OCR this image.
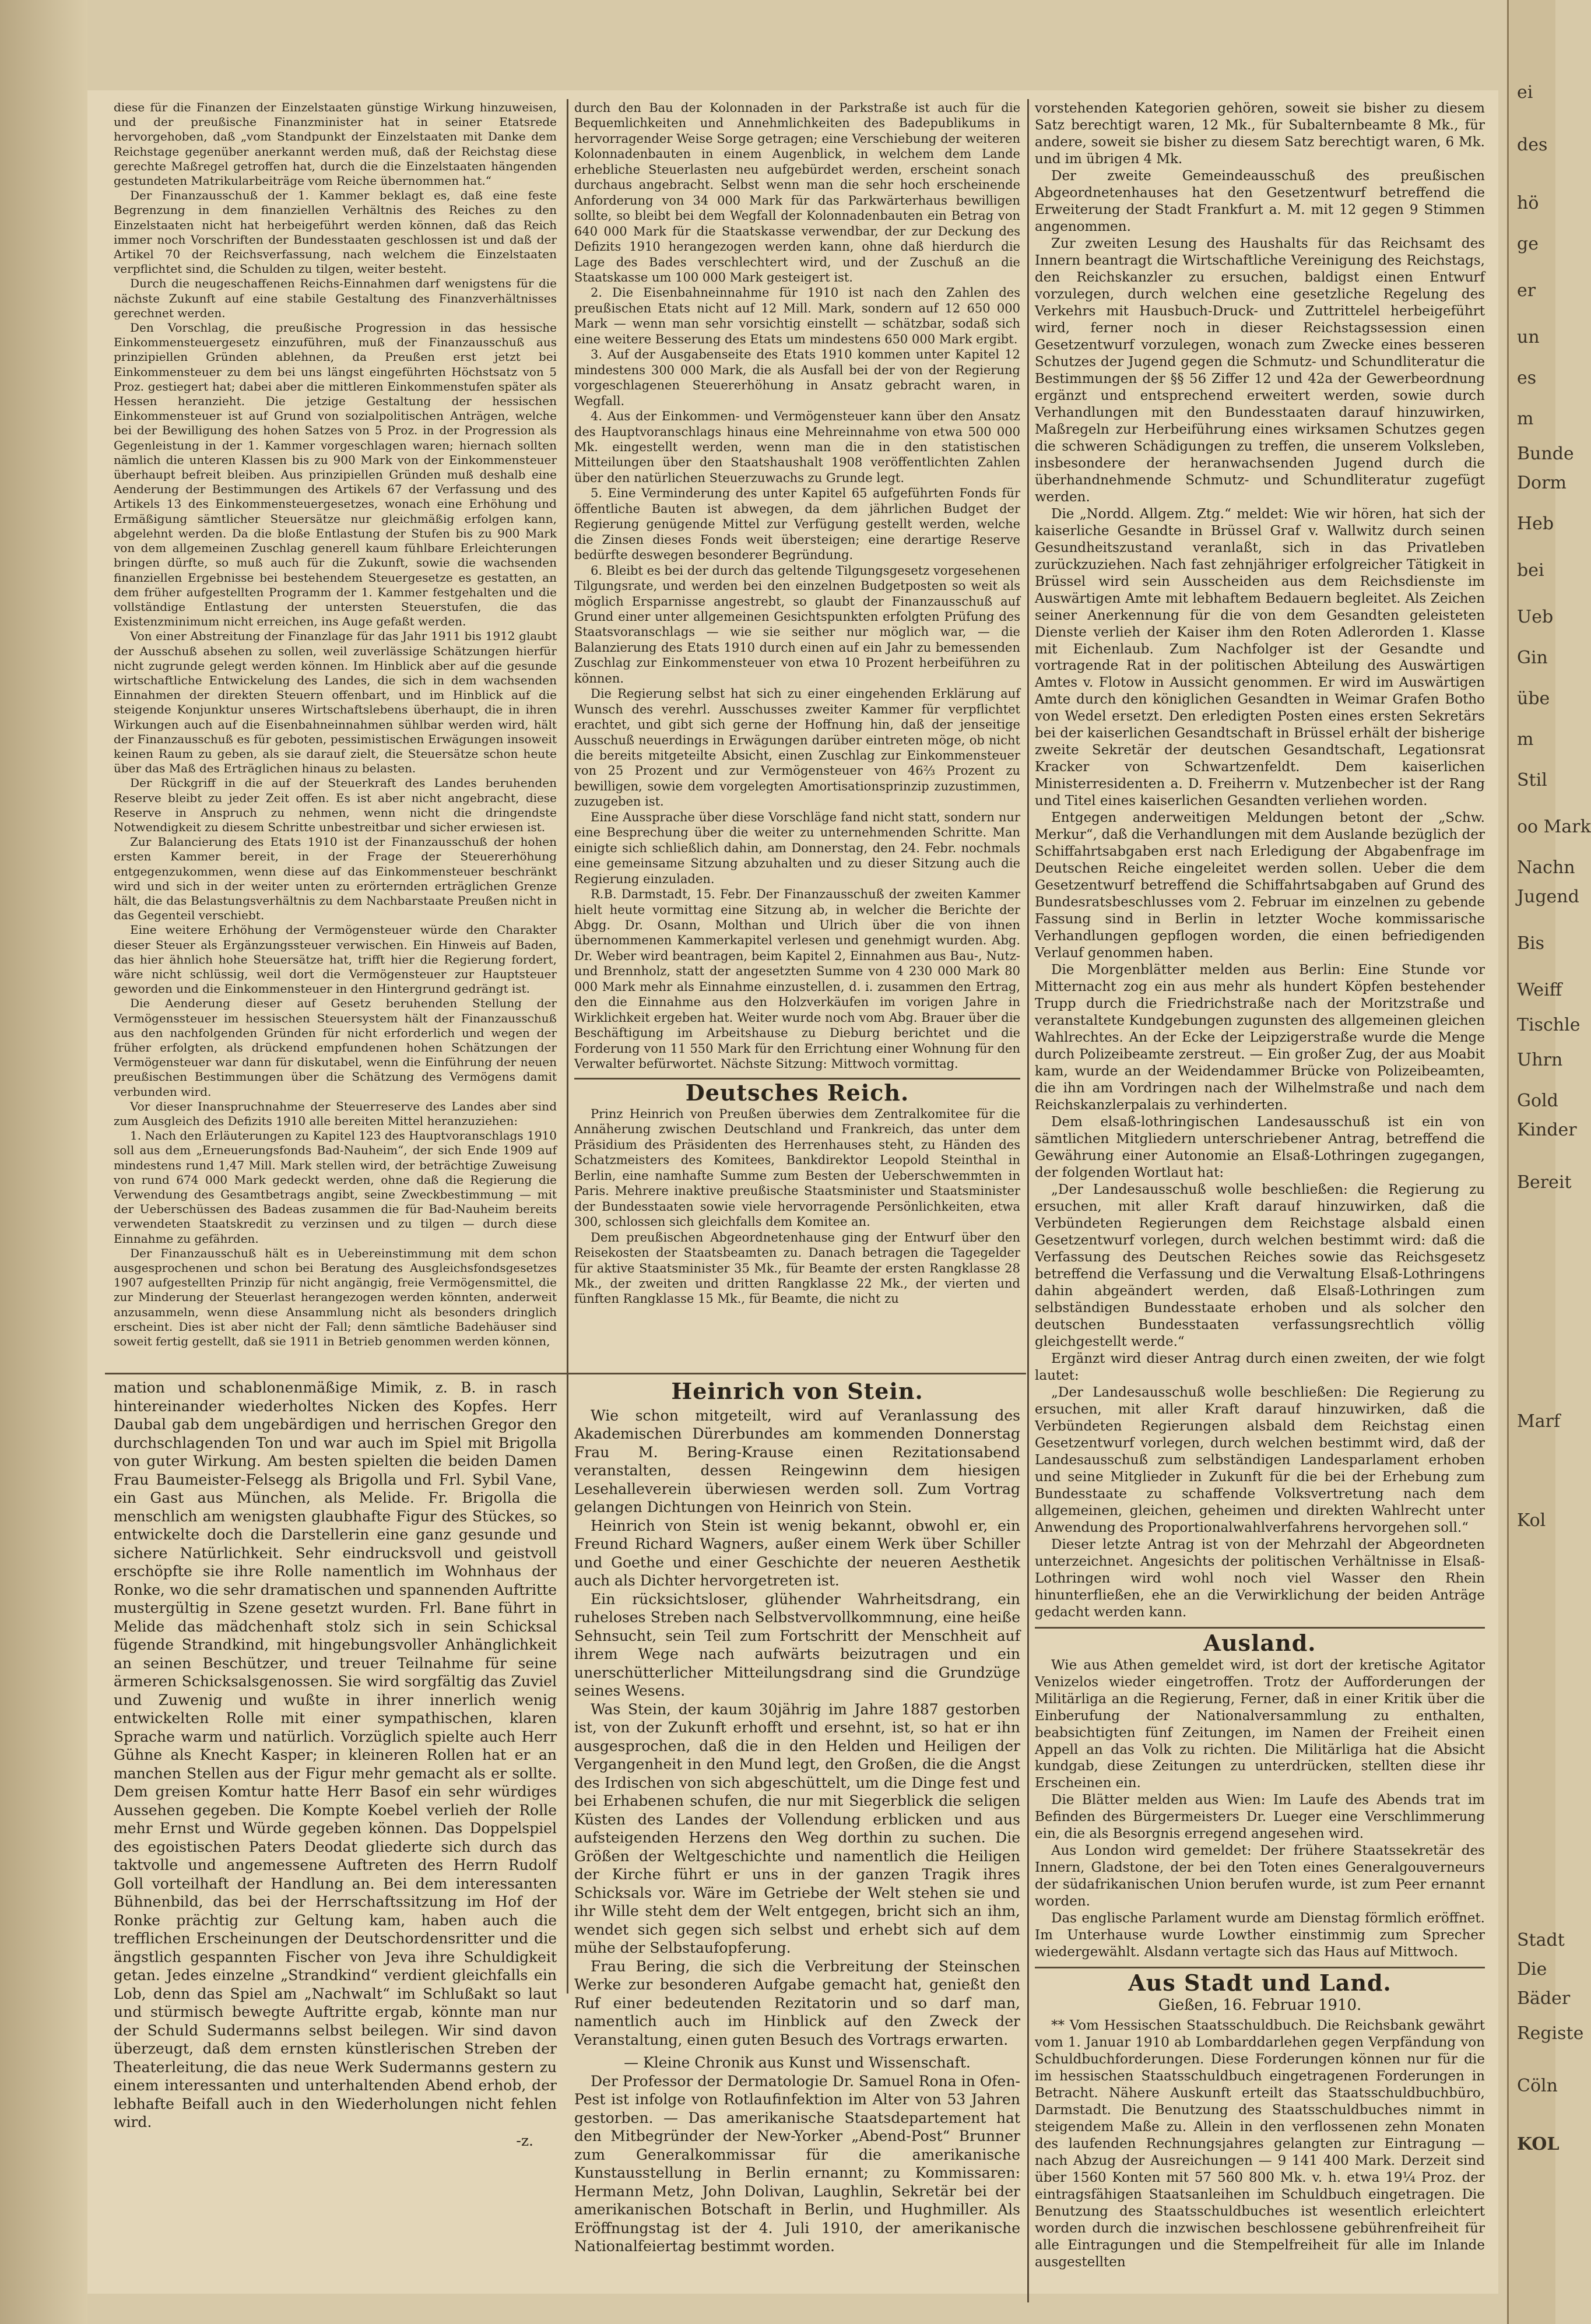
diese für die Finanzen der Einzelstaaten günstige Wirkung hinzuweisen, und der preußische Finanzminister hat in seiner Etatsrede hervorgehoben, daß „vom Standpunkt der Einzelstaaten mit Danke dem Reichstage gegenüber anerkannt werden muß, daß der Reichstag diese gerechte Maßregel getroffen hat, durch die die Einzelstaaten hängenden gestundeten Matrikularbeiträge vom Reiche übernommen hat.“

Der Finanzausschuß der 1. Kammer beklagt es, daß eine feste Begrenzung in dem finanziellen Verhältnis des Reiches zu den Einzelstaaten nicht hat herbeigeführt werden können, daß das Reich immer noch Vorschriften der Bundesstaaten geschlossen ist und daß der Artikel 70 der Reichsverfassung, nach welchem die Einzelstaaten verpflichtet sind, die Schulden zu tilgen, weiter besteht.

Durch die neugeschaffenen Reichs-Einnahmen darf wenigstens für die nächste Zukunft auf eine stabile Gestaltung des Finanzverhältnisses gerechnet werden.

Den Vorschlag, die preußische Progression in das hessische Einkommensteuergesetz einzuführen, muß der Finanzausschuß aus prinzipiellen Gründen ablehnen, da Preußen erst jetzt bei Einkommensteuer zu dem bei uns längst eingeführten Höchstsatz von 5 Proz. gestiegert hat; dabei aber die mittleren Einkommenstufen später als Hessen heranzieht. Die jetzige Gestaltung der hessischen Einkommensteuer ist auf Grund von sozialpolitischen Anträgen, welche bei der Bewilligung des hohen Satzes von 5 Proz. in der Progression als Gegenleistung in der 1. Kammer vorgeschlagen waren; hiernach sollten nämlich die unteren Klassen bis zu 900 Mark von der Einkommensteuer überhaupt befreit bleiben. Aus prinzipiellen Gründen muß deshalb eine Aenderung der Bestimmungen des Artikels 67 der Verfassung und des Artikels 13 des Einkommensteuergesetzes, wonach eine Erhöhung und Ermäßigung sämtlicher Steuersätze nur gleichmäßig erfolgen kann, abgelehnt werden. Da die bloße Entlastung der Stufen bis zu 900 Mark von dem allgemeinen Zuschlag generell kaum fühlbare Erleichterungen bringen dürfte, so muß auch für die Zukunft, sowie die wachsenden finanziellen Ergebnisse bei bestehendem Steuergesetze es gestatten, an dem früher aufgestellten Programm der 1. Kammer festgehalten und die vollständige Entlastung der untersten Steuerstufen, die das Existenzminimum nicht erreichen, ins Auge gefaßt werden.

Von einer Abstreitung der Finanzlage für das Jahr 1911 bis 1912 glaubt der Ausschuß absehen zu sollen, weil zuverlässige Schätzungen hierfür nicht zugrunde gelegt werden können. Im Hinblick aber auf die gesunde wirtschaftliche Entwickelung des Landes, die sich in dem wachsenden Einnahmen der direkten Steuern offenbart, und im Hinblick auf die steigende Konjunktur unseres Wirtschaftslebens überhaupt, die in ihren Wirkungen auch auf die Eisenbahneinnahmen sühlbar werden wird, hält der Finanzausschuß es für geboten, pessimistischen Erwägungen insoweit keinen Raum zu geben, als sie darauf zielt, die Steuersätze schon heute über das Maß des Erträglichen hinaus zu belasten.

Der Rückgriff in die auf der Steuerkraft des Landes beruhenden Reserve bleibt zu jeder Zeit offen. Es ist aber nicht angebracht, diese Reserve in Anspruch zu nehmen, wenn nicht die dringendste Notwendigkeit zu diesem Schritte unbestreitbar und sicher erwiesen ist.

Zur Balancierung des Etats 1910 ist der Finanzausschuß der hohen ersten Kammer bereit, in der Frage der Steuererhöhung entgegenzukommen, wenn diese auf das Einkommensteuer beschränkt wird und sich in der weiter unten zu erörternden erträglichen Grenze hält, die das Belastungsverhältnis zu dem Nachbarstaate Preußen nicht in das Gegenteil verschiebt.

Eine weitere Erhöhung der Vermögensteuer würde den Charakter dieser Steuer als Ergänzungssteuer verwischen. Ein Hinweis auf Baden, das hier ähnlich hohe Steuersätze hat, trifft hier die Regierung fordert, wäre nicht schlüssig, weil dort die Vermögensteuer zur Hauptsteuer geworden und die Einkommensteuer in den Hintergrund gedrängt ist.

Die Aenderung dieser auf Gesetz beruhenden Stellung der Vermögenssteuer im hessischen Steuersystem hält der Finanzausschuß aus den nachfolgenden Gründen für nicht erforderlich und wegen der früher erfolgten, als drückend empfundenen hohen Schätzungen der Vermögensteuer war dann für diskutabel, wenn die Einführung der neuen preußischen Bestimmungen über die Schätzung des Vermögens damit verbunden wird.

Vor dieser Inanspruchnahme der Steuerreserve des Landes aber sind zum Ausgleich des Defizits 1910 alle bereiten Mittel heranzuziehen:

1. Nach den Erläuterungen zu Kapitel 123 des Hauptvoranschlags 1910 soll aus dem „Erneuerungsfonds Bad-Nauheim“, der sich Ende 1909 auf mindestens rund 1,47 Mill. Mark stellen wird, der beträchtige Zuweisung von rund 674 000 Mark gedeckt werden, ohne daß die Regierung die Verwendung des Gesamtbetrags angibt, seine Zweckbestimmung — mit der Ueberschüssen des Badeas zusammen die für Bad-Nauheim bereits verwendeten Staatskredit zu verzinsen und zu tilgen — durch diese Einnahme zu gefährden.

Der Finanzausschuß hält es in Uebereinstimmung mit dem schon ausgesprochenen und schon bei Beratung des Ausgleichsfondsgesetzes 1907 aufgestellten Prinzip für nicht angängig, freie Vermögensmittel, die zur Minderung der Steuerlast herangezogen werden könnten, anderweit anzusammeln, wenn diese Ansammlung nicht als besonders dringlich erscheint. Dies ist aber nicht der Fall; denn sämtliche Badehäuser sind soweit fertig gestellt, daß sie 1911 in Betrieb genommen werden können,

durch den Bau der Kolonnaden in der Parkstraße ist auch für die Bequemlichkeiten und Annehmlichkeiten des Badepublikums in hervorragender Weise Sorge getragen; eine Verschiebung der weiteren Kolonnadenbauten in einem Augenblick, in welchem dem Lande erhebliche Steuerlasten neu aufgebürdet werden, erscheint sonach durchaus angebracht. Selbst wenn man die sehr hoch erscheinende Anforderung von 34 000 Mark für das Parkwärterhaus bewilligen sollte, so bleibt bei dem Wegfall der Kolonnadenbauten ein Betrag von 640 000 Mark für die Staatskasse verwendbar, der zur Deckung des Defizits 1910 herangezogen werden kann, ohne daß hierdurch die Lage des Bades verschlechtert wird, und der Zuschuß an die Staatskasse um 100 000 Mark gesteigert ist.

2. Die Eisenbahneinnahme für 1910 ist nach den Zahlen des preußischen Etats nicht auf 12 Mill. Mark, sondern auf 12 650 000 Mark — wenn man sehr vorsichtig einstellt — schätzbar, sodaß sich eine weitere Besserung des Etats um mindestens 650 000 Mark ergibt.

3. Auf der Ausgabenseite des Etats 1910 kommen unter Kapitel 12 mindestens 300 000 Mark, die als Ausfall bei der von der Regierung vorgeschlagenen Steuererhöhung in Ansatz gebracht waren, in Wegfall.

4. Aus der Einkommen- und Vermögensteuer kann über den Ansatz des Hauptvoranschlags hinaus eine Mehreinnahme von etwa 500 000 Mk. eingestellt werden, wenn man die in den statistischen Mitteilungen über den Staatshaushalt 1908 veröffentlichten Zahlen über den natürlichen Steuerzuwachs zu Grunde legt.

5. Eine Verminderung des unter Kapitel 65 aufgeführten Fonds für öffentliche Bauten ist abwegen, da dem jährlichen Budget der Regierung genügende Mittel zur Verfügung gestellt werden, welche die Zinsen dieses Fonds weit übersteigen; eine derartige Reserve bedürfte deswegen besonderer Begründung.

6. Bleibt es bei der durch das geltende Tilgungsgesetz vorgesehenen Tilgungsrate, und werden bei den einzelnen Budgetposten so weit als möglich Ersparnisse angestrebt, so glaubt der Finanzausschuß auf Grund einer unter allgemeinen Gesichtspunkten erfolgten Prüfung des Staatsvoranschlags — wie sie seither nur möglich war, — die Balanzierung des Etats 1910 durch einen auf ein Jahr zu bemessenden Zuschlag zur Einkommensteuer von etwa 10 Prozent herbeiführen zu können.

Die Regierung selbst hat sich zu einer eingehenden Erklärung auf Wunsch des verehrl. Ausschusses zweiter Kammer für verpflichtet erachtet, und gibt sich gerne der Hoffnung hin, daß der jenseitige Ausschuß neuerdings in Erwägungen darüber eintreten möge, ob nicht die bereits mitgeteilte Absicht, einen Zuschlag zur Einkommensteuer von 25 Prozent und zur Vermögensteuer von 46⅔ Prozent zu bewilligen, sowie dem vorgelegten Amortisationsprinzip zuzustimmen, zuzugeben ist.

Eine Aussprache über diese Vorschläge fand nicht statt, sondern nur eine Besprechung über die weiter zu unternehmenden Schritte. Man einigte sich schließlich dahin, am Donnerstag, den 24. Febr. nochmals eine gemeinsame Sitzung abzuhalten und zu dieser Sitzung auch die Regierung einzuladen.

R.B. Darmstadt, 15. Febr. Der Finanzausschuß der zweiten Kammer hielt heute vormittag eine Sitzung ab, in welcher die Berichte der Abgg. Dr. Osann, Molthan und Ulrich über die von ihnen übernommenen Kammerkapitel verlesen und genehmigt wurden. Abg. Dr. Weber wird beantragen, beim Kapitel 2, Einnahmen aus Bau-, Nutz- und Brennholz, statt der angesetzten Summe von 4 230 000 Mark 80 000 Mark mehr als Einnahme einzustellen, d. i. zusammen den Ertrag, den die Einnahme aus den Holzverkäufen im vorigen Jahre in Wirklichkeit ergeben hat. Weiter wurde noch vom Abg. Brauer über die Beschäftigung im Arbeitshause zu Dieburg berichtet und die Forderung von 11 550 Mark für den Errichtung einer Wohnung für den Verwalter befürwortet. Nächste Sitzung: Mittwoch vormittag.

Deutsches Reich.

Prinz Heinrich von Preußen überwies dem Zentralkomitee für die Annäherung zwischen Deutschland und Frankreich, das unter dem Präsidium des Präsidenten des Herrenhauses steht, zu Händen des Schatzmeisters des Komitees, Bankdirektor Leopold Steinthal in Berlin, eine namhafte Summe zum Besten der Ueberschwemmten in Paris. Mehrere inaktive preußische Staatsminister und Staatsminister der Bundesstaaten sowie viele hervorragende Persönlichkeiten, etwa 300, schlossen sich gleichfalls dem Komitee an.

Dem preußischen Abgeordnetenhause ging der Entwurf über den Reisekosten der Staatsbeamten zu. Danach betragen die Tagegelder für aktive Staatsminister 35 Mk., für Beamte der ersten Rangklasse 28 Mk., der zweiten und dritten Rangklasse 22 Mk., der vierten und fünften Rangklasse 15 Mk., für Beamte, die nicht zu

vorstehenden Kategorien gehören, soweit sie bisher zu diesem Satz berechtigt waren, 12 Mk., für Subalternbeamte 8 Mk., für andere, soweit sie bisher zu diesem Satz berechtigt waren, 6 Mk. und im übrigen 4 Mk.

Der zweite Gemeindeausschuß des preußischen Abgeordnetenhauses hat den Gesetzentwurf betreffend die Erweiterung der Stadt Frankfurt a. M. mit 12 gegen 9 Stimmen angenommen.

Zur zweiten Lesung des Haushalts für das Reichsamt des Innern beantragt die Wirtschaftliche Vereinigung des Reichstags, den Reichskanzler zu ersuchen, baldigst einen Entwurf vorzulegen, durch welchen eine gesetzliche Regelung des Verkehrs mit Hausbuch-Druck- und Zuttrittelel herbeigeführt wird, ferner noch in dieser Reichstagssession einen Gesetzentwurf vorzulegen, wonach zum Zwecke eines besseren Schutzes der Jugend gegen die Schmutz- und Schundliteratur die Bestimmungen der §§ 56 Ziffer 12 und 42a der Gewerbeordnung ergänzt und entsprechend erweitert werden, sowie durch Verhandlungen mit den Bundesstaaten darauf hinzuwirken, Maßregeln zur Herbeiführung eines wirksamen Schutzes gegen die schweren Schädigungen zu treffen, die unserem Volksleben, insbesondere der heranwachsenden Jugend durch die überhandnehmende Schmutz- und Schundliteratur zugefügt werden.

Die „Nordd. Allgem. Ztg.“ meldet: Wie wir hören, hat sich der kaiserliche Gesandte in Brüssel Graf v. Wallwitz durch seinen Gesundheitszustand veranlaßt, sich in das Privatleben zurückzuziehen. Nach fast zehnjähriger erfolgreicher Tätigkeit in Brüssel wird sein Ausscheiden aus dem Reichsdienste im Auswärtigen Amte mit lebhaftem Bedauern begleitet. Als Zeichen seiner Anerkennung für die von dem Gesandten geleisteten Dienste verlieh der Kaiser ihm den Roten Adlerorden 1. Klasse mit Eichenlaub. Zum Nachfolger ist der Gesandte und vortragende Rat in der politischen Abteilung des Auswärtigen Amtes v. Flotow in Aussicht genommen. Er wird im Auswärtigen Amte durch den königlichen Gesandten in Weimar Grafen Botho von Wedel ersetzt. Den erledigten Posten eines ersten Sekretärs bei der kaiserlichen Gesandtschaft in Brüssel erhält der bisherige zweite Sekretär der deutschen Gesandtschaft, Legationsrat Kracker von Schwartzenfeldt. Dem kaiserlichen Ministerresidenten a. D. Freiherrn v. Mutzenbecher ist der Rang und Titel eines kaiserlichen Gesandten verliehen worden.

Entgegen anderweitigen Meldungen betont der „Schw. Merkur“, daß die Verhandlungen mit dem Auslande bezüglich der Schiffahrtsabgaben erst nach Erledigung der Abgabenfrage im Deutschen Reiche eingeleitet werden sollen. Ueber die dem Gesetzentwurf betreffend die Schiffahrtsabgaben auf Grund des Bundesratsbeschlusses vom 2. Februar im einzelnen zu gebende Fassung sind in Berlin in letzter Woche kommissarische Verhandlungen gepflogen worden, die einen befriedigenden Verlauf genommen haben.

Die Morgenblätter melden aus Berlin: Eine Stunde vor Mitternacht zog ein aus mehr als hundert Köpfen bestehender Trupp durch die Friedrichstraße nach der Moritzstraße und veranstaltete Kundgebungen zugunsten des allgemeinen gleichen Wahlrechtes. An der Ecke der Leipzigerstraße wurde die Menge durch Polizeibeamte zerstreut. — Ein großer Zug, der aus Moabit kam, wurde an der Weidendammer Brücke von Polizeibeamten, die ihn am Vordringen nach der Wilhelmstraße und nach dem Reichskanzlerpalais zu verhinderten.

Dem elsaß-lothringischen Landesausschuß ist ein von sämtlichen Mitgliedern unterschriebener Antrag, betreffend die Gewährung einer Autonomie an Elsaß-Lothringen zugegangen, der folgenden Wortlaut hat:

„Der Landesausschuß wolle beschließen: die Regierung zu ersuchen, mit aller Kraft darauf hinzuwirken, daß die Verbündeten Regierungen dem Reichstage alsbald einen Gesetzentwurf vorlegen, durch welchen bestimmt wird: daß die Verfassung des Deutschen Reiches sowie das Reichsgesetz betreffend die Verfassung und die Verwaltung Elsaß-Lothringens dahin abgeändert werden, daß Elsaß-Lothringen zum selbständigen Bundesstaate erhoben und als solcher den deutschen Bundesstaaten verfassungsrechtlich völlig gleichgestellt werde.“

Ergänzt wird dieser Antrag durch einen zweiten, der wie folgt lautet:

„Der Landesausschuß wolle beschließen: Die Regierung zu ersuchen, mit aller Kraft darauf hinzuwirken, daß die Verbündeten Regierungen alsbald dem Reichstag einen Gesetzentwurf vorlegen, durch welchen bestimmt wird, daß der Landesausschuß zum selbständigen Landesparlament erhoben und seine Mitglieder in Zukunft für die bei der Erhebung zum Bundesstaate zu schaffende Volksvertretung nach dem allgemeinen, gleichen, geheimen und direkten Wahlrecht unter Anwendung des Proportionalwahlverfahrens hervorgehen soll.“

Dieser letzte Antrag ist von der Mehrzahl der Abgeordneten unterzeichnet. Angesichts der politischen Verhältnisse in Elsaß-Lothringen wird wohl noch viel Wasser den Rhein hinunterfließen, ehe an die Verwirklichung der beiden Anträge gedacht werden kann.

Ausland.

Wie aus Athen gemeldet wird, ist dort der kretische Agitator Venizelos wieder eingetroffen. Trotz der Aufforderungen der Militärliga an die Regierung, Ferner, daß in einer Kritik über die Einberufung der Nationalversammlung zu enthalten, beabsichtigten fünf Zeitungen, im Namen der Freiheit einen Appell an das Volk zu richten. Die Militärliga hat die Absicht kundgab, diese Zeitungen zu unterdrücken, stellten diese ihr Erscheinen ein.

Die Blätter melden aus Wien: Im Laufe des Abends trat im Befinden des Bürgermeisters Dr. Lueger eine Verschlimmerung ein, die als Besorgnis erregend angesehen wird.

Aus London wird gemeldet: Der frühere Staatssekretär des Innern, Gladstone, der bei den Toten eines Generalgouverneurs der südafrikanischen Union berufen wurde, ist zum Peer ernannt worden.

Das englische Parlament wurde am Dienstag förmlich eröffnet. Im Unterhause wurde Lowther einstimmig zum Sprecher wiedergewählt. Alsdann vertagte sich das Haus auf Mittwoch.

Aus Stadt und Land.
Gießen, 16. Februar 1910.

** Vom Hessischen Staatsschuldbuch. Die Reichsbank gewährt vom 1. Januar 1910 ab Lombarddarlehen gegen Verpfändung von Schuldbuchforderungen. Diese Forderungen können nur für die im hessischen Staatsschuldbuch eingetragenen Forderungen in Betracht. Nähere Auskunft erteilt das Staatsschuldbuchbüro, Darmstadt. Die Benutzung des Staatsschuldbuches nimmt in steigendem Maße zu. Allein in den verflossenen zehn Monaten des laufenden Rechnungsjahres gelangten zur Eintragung — nach Abzug der Ausreichungen — 9 141 400 Mark. Derzeit sind über 1560 Konten mit 57 560 800 Mk. v. h. etwa 19¼ Proz. der eintragsfähigen Staatsanleihen im Schuldbuch eingetragen. Die Benutzung des Staatsschuldbuches ist wesentlich erleichtert worden durch die inzwischen beschlossene gebührenfreiheit für alle Eintragungen und die Stempelfreiheit für alle im Inlande ausgestellten

mation und schablonenmäßige Mimik, z. B. in rasch hintereinander wiederholtes Nicken des Kopfes. Herr Daubal gab dem ungebärdigen und herrischen Gregor den durchschlagenden Ton und war auch im Spiel mit Brigolla von guter Wirkung. Am besten spielten die beiden Damen Frau Baumeister-Felsegg als Brigolla und Frl. Sybil Vane, ein Gast aus München, als Melide. Fr. Brigolla die menschlich am wenigsten glaubhafte Figur des Stückes, so entwickelte doch die Darstellerin eine ganz gesunde und sichere Natürlichkeit. Sehr eindrucksvoll und geistvoll erschöpfte sie ihre Rolle namentlich im Wohnhaus der Ronke, wo die sehr dramatischen und spannenden Auftritte mustergültig in Szene gesetzt wurden. Frl. Bane führt in Melide das mädchenhaft stolz sich in sein Schicksal fügende Strandkind, mit hingebungsvoller Anhänglichkeit an seinen Beschützer, und treuer Teilnahme für seine ärmeren Schicksalsgenossen. Sie wird sorgfältig das Zuviel und Zuwenig und wußte in ihrer innerlich wenig entwickelten Rolle mit einer sympathischen, klaren Sprache warm und natürlich. Vorzüglich spielte auch Herr Gühne als Knecht Kasper; in kleineren Rollen hat er an manchen Stellen aus der Figur mehr gemacht als er sollte. Dem greisen Komtur hatte Herr Basof ein sehr würdiges Aussehen gegeben. Die Kompte Koebel verlieh der Rolle mehr Ernst und Würde gegeben können. Das Doppelspiel des egoistischen Paters Deodat gliederte sich durch das taktvolle und angemessene Auftreten des Herrn Rudolf Goll vorteilhaft der Handlung an. Bei dem interessanten Bühnenbild, das bei der Herrschaftssitzung im Hof der Ronke prächtig zur Geltung kam, haben auch die trefflichen Erscheinungen der Deutschordensritter und die ängstlich gespannten Fischer von Jeva ihre Schuldigkeit getan. Jedes einzelne „Strandkind“ verdient gleichfalls ein Lob, denn das Spiel am „Nachwalt“ im Schlußakt so laut und stürmisch bewegte Auftritte ergab, könnte man nur der Schuld Sudermanns selbst beilegen. Wir sind davon überzeugt, daß dem ernsten künstlerischen Streben der Theaterleitung, die das neue Werk Sudermanns gestern zu einem interessanten und unterhaltenden Abend erhob, der lebhafte Beifall auch in den Wiederholungen nicht fehlen wird.

-z.

Heinrich von Stein.

Wie schon mitgeteilt, wird auf Veranlassung des Akademischen Dürerbundes am kommenden Donnerstag Frau M. Bering-Krause einen Rezitationsabend veranstalten, dessen Reingewinn dem hiesigen Lesehalleverein überwiesen werden soll. Zum Vortrag gelangen Dichtungen von Heinrich von Stein.

Heinrich von Stein ist wenig bekannt, obwohl er, ein Freund Richard Wagners, außer einem Werk über Schiller und Goethe und einer Geschichte der neueren Aesthetik auch als Dichter hervorgetreten ist.

Ein rücksichtsloser, glühender Wahrheitsdrang, ein ruheloses Streben nach Selbstvervollkommnung, eine heiße Sehnsucht, sein Teil zum Fortschritt der Menschheit auf ihrem Wege nach aufwärts beizutragen und ein unerschütterlicher Mitteilungsdrang sind die Grundzüge seines Wesens.

Was Stein, der kaum 30jährig im Jahre 1887 gestorben ist, von der Zukunft erhofft und ersehnt, ist, so hat er ihn ausgesprochen, daß die in den Helden und Heiligen der Vergangenheit in den Mund legt, den Großen, die die Angst des Irdischen von sich abgeschüttelt, um die Dinge fest und bei Erhabenen schufen, die nur mit Siegerblick die seligen Küsten des Landes der Vollendung erblicken und aus aufsteigenden Herzens den Weg dorthin zu suchen. Die Größen der Weltgeschichte und namentlich die Heiligen der Kirche führt er uns in der ganzen Tragik ihres Schicksals vor. Wäre im Getriebe der Welt stehen sie und ihr Wille steht dem der Welt entgegen, bricht sich an ihm, wendet sich gegen sich selbst und erhebt sich auf dem mühe der Selbstaufopferung.

Frau Bering, die sich die Verbreitung der Steinschen Werke zur besonderen Aufgabe gemacht hat, genießt den Ruf einer bedeutenden Rezitatorin und so darf man, namentlich auch im Hinblick auf den Zweck der Veranstaltung, einen guten Besuch des Vortrags erwarten.

— Kleine Chronik aus Kunst und Wissenschaft.

Der Professor der Dermatologie Dr. Samuel Rona in Ofen-Pest ist infolge von Rotlaufinfektion im Alter von 53 Jahren gestorben. — Das amerikanische Staatsdepartement hat den Mitbegründer der New-Yorker „Abend-Post“ Brunner zum Generalkommissar für die amerikanische Kunstausstellung in Berlin ernannt; zu Kommissaren: Hermann Metz, John Dolivan, Laughlin, Sekretär bei der amerikanischen Botschaft in Berlin, und Hughmiller. Als Eröffnungstag ist der 4. Juli 1910, der amerikanische Nationalfeiertag bestimmt worden.

ei
des
hö
ge
er
un
es
m
Bunde
Dorm
Heb
bei
Ueb
Gin
übe
m
Stil
oo Mark
Nachn
Jugend
Bis
Weiff
Tischle
Uhrn
Gold
Kinder
Bereit
Marf
Kol
Stadt
Die
Bäder
Registe
Cöln
KOL
